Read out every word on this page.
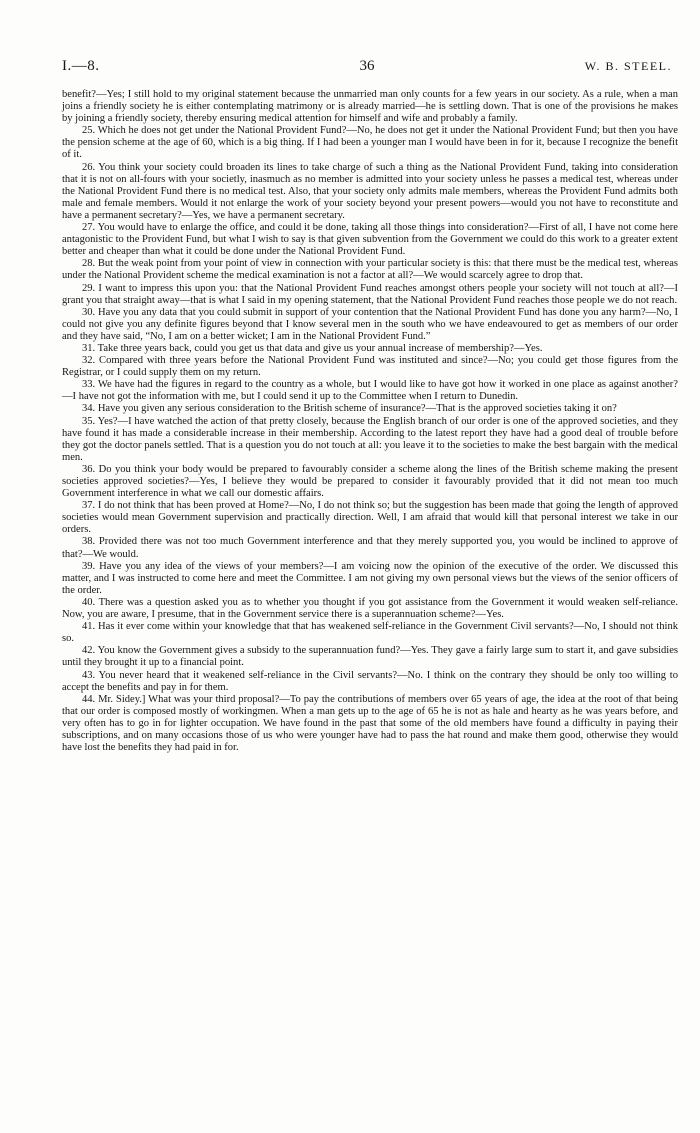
I.—8.	36	W. B. STEEL.

benefit?—Yes; I still hold to my original statement because the unmarried man only counts for a few years in our society. As a rule, when a man joins a friendly society he is either contemplating matrimony or is already married—he is settling down. That is one of the provisions he makes by joining a friendly society, thereby ensuring medical attention for himself and wife and probably a family.

25. Which he does not get under the National Provident Fund?—No, he does not get it under the National Provident Fund; but then you have the pension scheme at the age of 60, which is a big thing. If I had been a younger man I would have been in for it, because I recognize the benefit of it.

26. You think your society could broaden its lines to take charge of such a thing as the National Provident Fund, taking into consideration that it is not on all-fours with your societly, inasmuch as no member is admitted into your society unless he passes a medical test, whereas under the National Provident Fund there is no medical test. Also, that your society only admits male members, whereas the Provident Fund admits both male and female members. Would it not enlarge the work of your society beyond your present powers—would you not have to reconstitute and have a permanent secretary?—Yes, we have a permanent secretary.

27. You would have to enlarge the office, and could it be done, taking all those things into consideration?—First of all, I have not come here antagonistic to the Provident Fund, but what I wish to say is that given subvention from the Government we could do this work to a greater extent better and cheaper than what it could be done under the National Provident Fund.

28. But the weak point from your point of view in connection with your particular society is this: that there must be the medical test, whereas under the National Provident scheme the medical examination is not a factor at all?—We would scarcely agree to drop that.

29. I want to impress this upon you: that the National Provident Fund reaches amongst others people your society will not touch at all?—I grant you that straight away—that is what I said in my opening statement, that the National Provident Fund reaches those people we do not reach.

30. Have you any data that you could submit in support of your contention that the National Provident Fund has done you any harm?—No, I could not give you any definite figures beyond that I know several men in the south who we have endeavoured to get as members of our order and they have said, “No, I am on a better wicket; I am in the National Provident Fund.”

31. Take three years back, could you get us that data and give us your annual increase of membership?—Yes.

32. Compared with three years before the National Provident Fund was instituted and since?—No; you could get those figures from the Registrar, or I could supply them on my return.

33. We have had the figures in regard to the country as a whole, but I would like to have got how it worked in one place as against another?—I have not got the information with me, but I could send it up to the Committee when I return to Dunedin.

34. Have you given any serious consideration to the British scheme of insurance?—That is the approved societies taking it on?

35. Yes?—I have watched the action of that pretty closely, because the English branch of our order is one of the approved societies, and they have found it has made a considerable increase in their membership. According to the latest report they have had a good deal of trouble before they got the doctor panels settled. That is a question you do not touch at all: you leave it to the societies to make the best bargain with the medical men.

36. Do you think your body would be prepared to favourably consider a scheme along the lines of the British scheme making the present societies approved societies?—Yes, I believe they would be prepared to consider it favourably provided that it did not mean too much Government interference in what we call our domestic affairs.

37. I do not think that has been proved at Home?—No, I do not think so; but the suggestion has been made that going the length of approved societies would mean Government supervision and practically direction. Well, I am afraid that would kill that personal interest we take in our orders.

38. Provided there was not too much Government interference and that they merely supported you, you would be inclined to approve of that?—We would.

39. Have you any idea of the views of your members?—I am voicing now the opinion of the executive of the order. We discussed this matter, and I was instructed to come here and meet the Committee. I am not giving my own personal views but the views of the senior officers of the order.

40. There was a question asked you as to whether you thought if you got assistance from the Government it would weaken self-reliance. Now, you are aware, I presume, that in the Government service there is a superannuation scheme?—Yes.

41. Has it ever come within your knowledge that that has weakened self-reliance in the Government Civil servants?—No, I should not think so.

42. You know the Government gives a subsidy to the superannuation fund?—Yes. They gave a fairly large sum to start it, and gave subsidies until they brought it up to a financial point.

43. You never heard that it weakened self-reliance in the Civil servants?—No. I think on the contrary they should be only too willing to accept the benefits and pay in for them.

44. Mr. Sidey.] What was your third proposal?—To pay the contributions of members over 65 years of age, the idea at the root of that being that our order is composed mostly of workingmen. When a man gets up to the age of 65 he is not as hale and hearty as he was years before, and very often has to go in for lighter occupation. We have found in the past that some of the old members have found a difficulty in paying their subscriptions, and on many occasions those of us who were younger have had to pass the hat round and make them good, otherwise they would have lost the benefits they had paid in for.
